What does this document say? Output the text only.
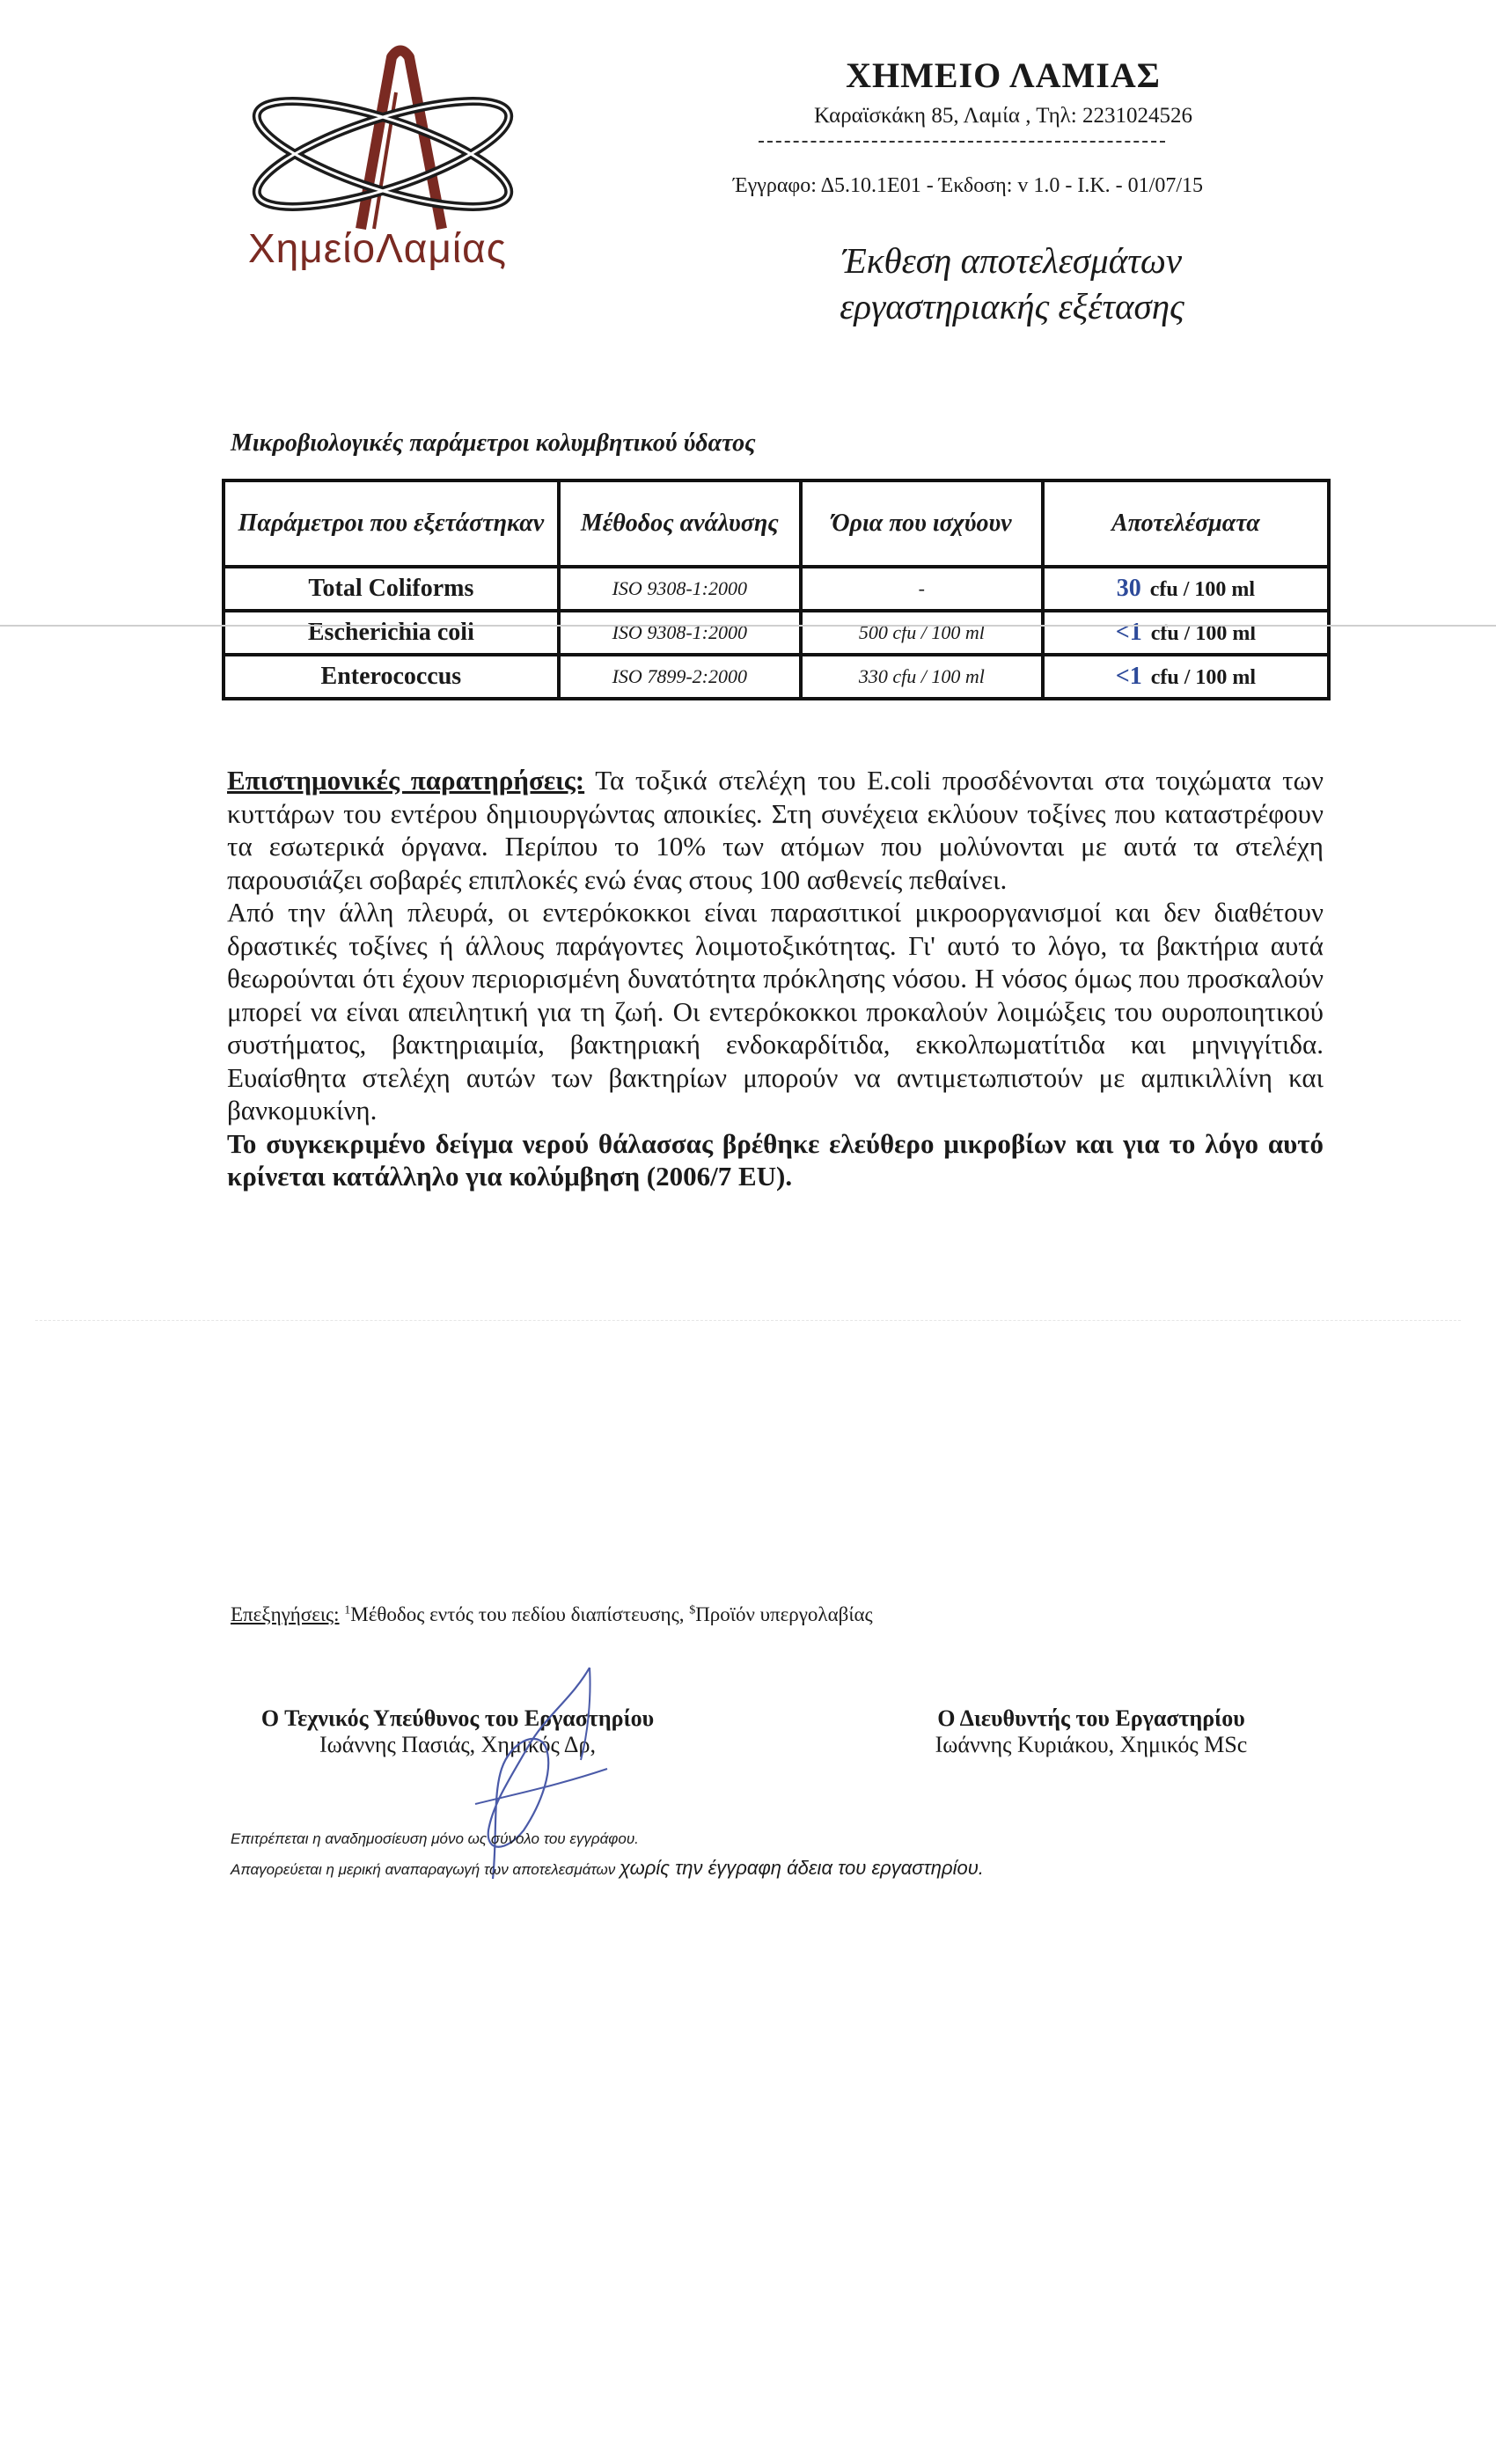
ΧημείοΛαμίας
ΧΗΜΕΙΟ ΛΑΜΙΑΣ
Καραϊσκάκη 85, Λαμία , Τηλ: 2231024526
Έγγραφο: Δ5.10.1Ε01 - Έκδοση: v 1.0 - Ι.Κ. - 01/07/15
Έκθεση αποτελεσμάτων
εργαστηριακής εξέτασης
Μικροβιολογικές παράμετροι κολυμβητικού ύδατος
Παράμετροι που εξετάστηκαν	Μέθοδος ανάλυσης	Όρια που ισχύουν	Αποτελέσματα
Total Coliforms	ISO 9308-1:2000	-	30 cfu / 100 ml
Escherichia coli	ISO 9308-1:2000	500 cfu / 100 ml	<1 cfu / 100 ml
Enterococcus	ISO 7899-2:2000	330 cfu / 100 ml	<1 cfu / 100 ml
Επιστημονικές παρατηρήσεις: Τα τοξικά στελέχη του E.coli προσδένονται στα τοιχώματα των κυττάρων του εντέρου δημιουργώντας αποικίες. Στη συνέχεια εκλύουν τοξίνες που καταστρέφουν τα εσωτερικά όργανα. Περίπου το 10% των ατόμων που μολύνονται με αυτά τα στελέχη παρουσιάζει σοβαρές επιπλοκές ενώ ένας στους 100 ασθενείς πεθαίνει.
Από την άλλη πλευρά, οι εντερόκοκκοι είναι παρασιτικοί μικροοργανισμοί και δεν διαθέτουν δραστικές τοξίνες ή άλλους παράγοντες λοιμοτοξικότητας. Γι' αυτό το λόγο, τα βακτήρια αυτά θεωρούνται ότι έχουν περιορισμένη δυνατότητα πρόκλησης νόσου. Η νόσος όμως που προσκαλούν μπορεί να είναι απειλητική για τη ζωή. Οι εντερόκοκκοι προκαλούν λοιμώξεις του ουροποιητικού συστήματος, βακτηριαιμία, βακτηριακή ενδοκαρδίτιδα, εκκολπωματίτιδα και μηνιγγίτιδα. Ευαίσθητα στελέχη αυτών των βακτηρίων μπορούν να αντιμετωπιστούν με αμπικιλλίνη και βανκομυκίνη.
Το συγκεκριμένο δείγμα νερού θάλασσας βρέθηκε ελεύθερο μικροβίων και για το λόγο αυτό κρίνεται κατάλληλο για κολύμβηση (2006/7 EU).
Επεξηγήσεις: $^1$Μέθοδος εντός του πεδίου διαπίστευσης, $Προϊόν υπεργολαβίας
Ο Τεχνικός Υπεύθυνος του Εργαστηρίου
Ιωάννης Πασιάς, Χημικός Δρ,
Ο Διευθυντής του Εργαστηρίου
Ιωάννης Κυριάκου, Χημικός MSc
Επιτρέπεται η αναδημοσίευση μόνο ως σύνολο του εγγράφου.
Απαγορεύεται η μερική αναπαραγωγή των αποτελεσμάτων χωρίς την έγγραφη άδεια του εργαστηρίου.
